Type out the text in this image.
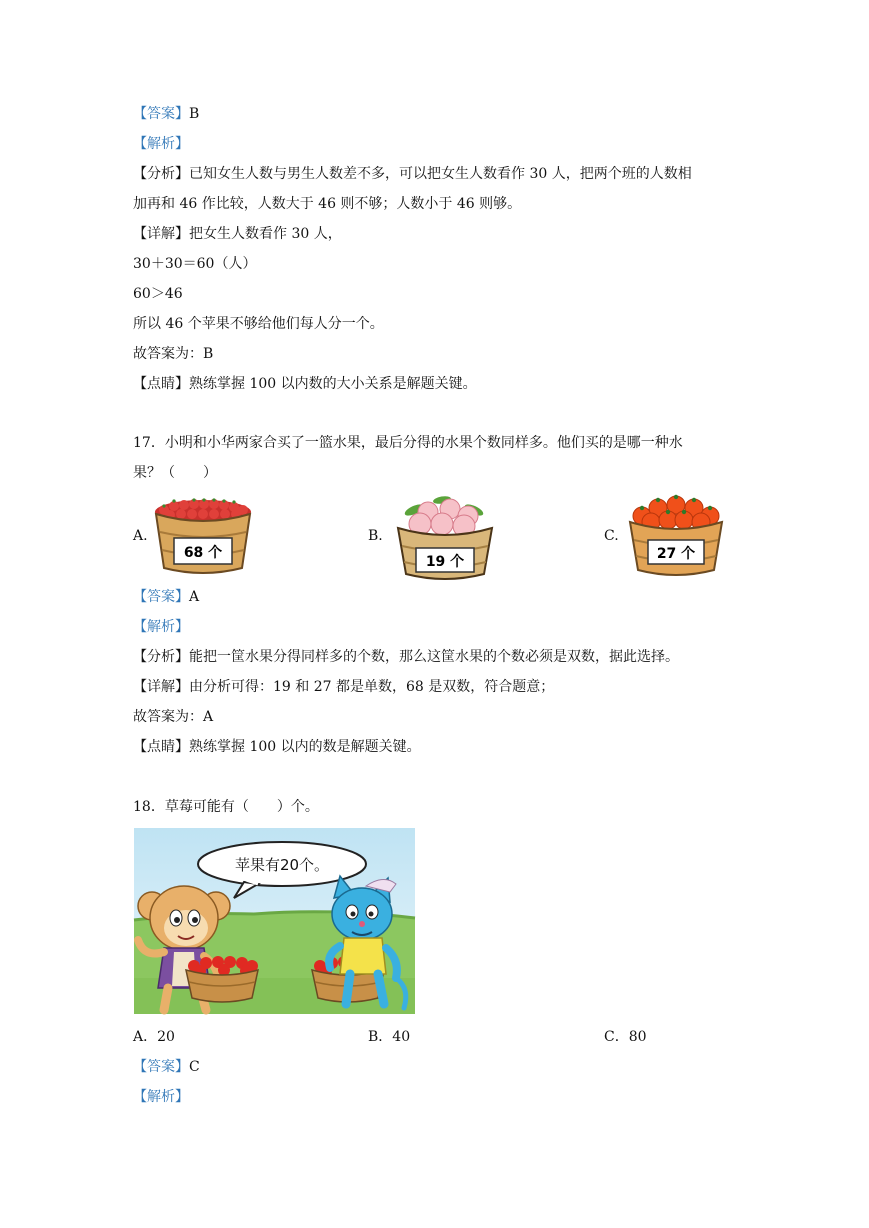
【答案】B
【解析】
【分析】已知女生人数与男生人数差不多，可以把女生人数看作 30 人，把两个班的人数相
加再和 46 作比较，人数大于 46 则不够；人数小于 46 则够。
【详解】把女生人数看作 30 人，
30＋30＝60（人）
60＞46
所以 46 个苹果不够给他们每人分一个。
故答案为：B
【点睛】熟练掌握 100 以内数的大小关系是解题关键。
17．小明和小华两家合买了一篮水果，最后分得的水果个数同样多。他们买的是哪一种水
果？（　　）
A.
68 个
B.
19 个
C.
27 个
【答案】A
【解析】
【分析】能把一筐水果分得同样多的个数，那么这筐水果的个数必须是双数，据此选择。
【详解】由分析可得：19 和 27 都是单数，68 是双数，符合题意；
故答案为：A
【点睛】熟练掌握 100 以内的数是解题关键。
18．草莓可能有（　　）个。
苹果有20个。
A．20	B．40	C．80
【答案】C
【解析】
